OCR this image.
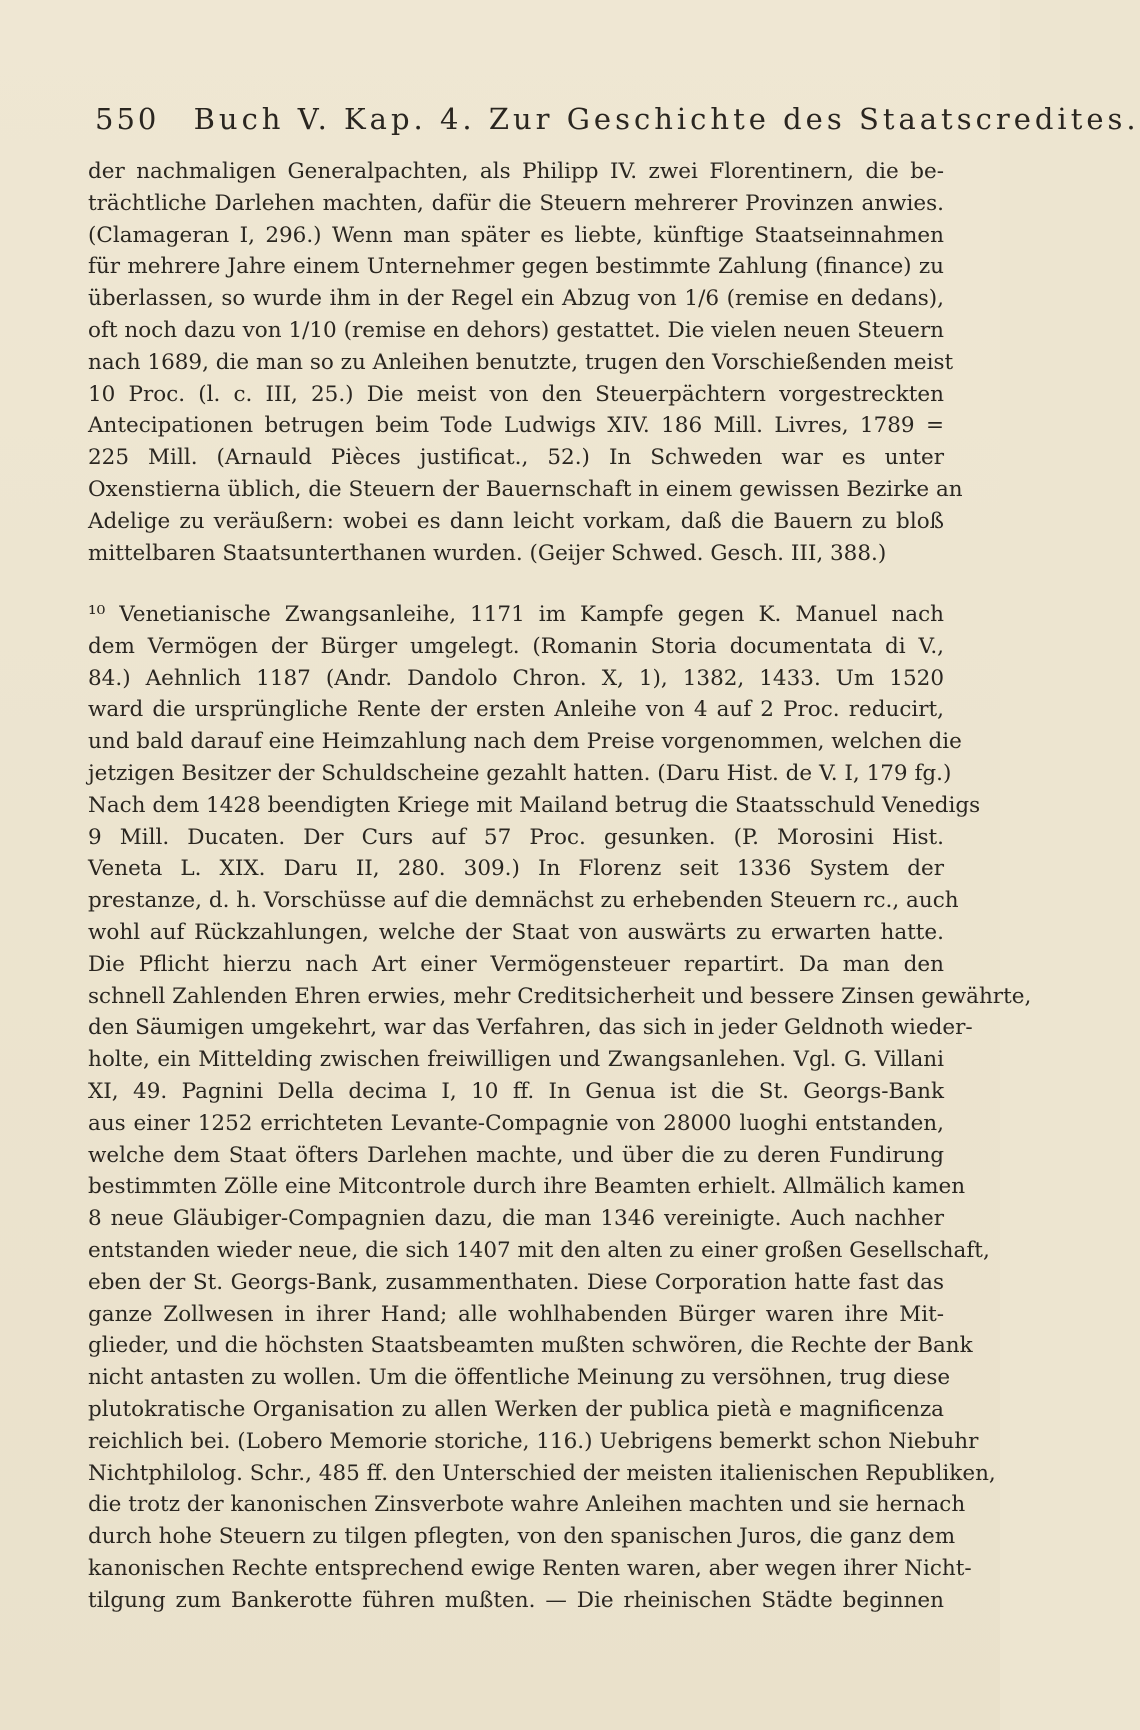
550 Buch V. Kap. 4. Zur Geschichte des Staatscredites.
der nachmaligen Generalpachten, als Philipp IV. zwei Florentinern, die be-
trächtliche Darlehen machten, dafür die Steuern mehrerer Provinzen anwies.
(Clamageran I, 296.) Wenn man später es liebte, künftige Staatseinnahmen
für mehrere Jahre einem Unternehmer gegen bestimmte Zahlung (finance) zu
überlassen, so wurde ihm in der Regel ein Abzug von 1/6 (remise en dedans),
oft noch dazu von 1/10 (remise en dehors) gestattet. Die vielen neuen Steuern
nach 1689, die man so zu Anleihen benutzte, trugen den Vorschießenden meist
10 Proc. (l. c. III, 25.) Die meist von den Steuerpächtern vorgestreckten
Antecipationen betrugen beim Tode Ludwigs XIV. 186 Mill. Livres, 1789 =
225 Mill. (Arnauld Pièces justificat., 52.) In Schweden war es unter
Oxenstierna üblich, die Steuern der Bauernschaft in einem gewissen Bezirke an
Adelige zu veräußern: wobei es dann leicht vorkam, daß die Bauern zu bloß
mittelbaren Staatsunterthanen wurden. (Geijer Schwed. Gesch. III, 388.)
¹⁰ Venetianische Zwangsanleihe, 1171 im Kampfe gegen K. Manuel nach
dem Vermögen der Bürger umgelegt. (Romanin Storia documentata di V.,
84.) Aehnlich 1187 (Andr. Dandolo Chron. X, 1), 1382, 1433. Um 1520
ward die ursprüngliche Rente der ersten Anleihe von 4 auf 2 Proc. reducirt,
und bald darauf eine Heimzahlung nach dem Preise vorgenommen, welchen die
jetzigen Besitzer der Schuldscheine gezahlt hatten. (Daru Hist. de V. I, 179 fg.)
Nach dem 1428 beendigten Kriege mit Mailand betrug die Staatsschuld Venedigs
9 Mill. Ducaten. Der Curs auf 57 Proc. gesunken. (P. Morosini Hist.
Veneta L. XIX. Daru II, 280. 309.) In Florenz seit 1336 System der
prestanze, d. h. Vorschüsse auf die demnächst zu erhebenden Steuern rc., auch
wohl auf Rückzahlungen, welche der Staat von auswärts zu erwarten hatte.
Die Pflicht hierzu nach Art einer Vermögensteuer repartirt. Da man den
schnell Zahlenden Ehren erwies, mehr Creditsicherheit und bessere Zinsen gewährte,
den Säumigen umgekehrt, war das Verfahren, das sich in jeder Geldnoth wieder-
holte, ein Mittelding zwischen freiwilligen und Zwangsanlehen. Vgl. G. Villani
XI, 49. Pagnini Della decima I, 10 ff. In Genua ist die St. Georgs-Bank
aus einer 1252 errichteten Levante-Compagnie von 28000 luoghi entstanden,
welche dem Staat öfters Darlehen machte, und über die zu deren Fundirung
bestimmten Zölle eine Mitcontrole durch ihre Beamten erhielt. Allmälich kamen
8 neue Gläubiger-Compagnien dazu, die man 1346 vereinigte. Auch nachher
entstanden wieder neue, die sich 1407 mit den alten zu einer großen Gesellschaft,
eben der St. Georgs-Bank, zusammenthaten. Diese Corporation hatte fast das
ganze Zollwesen in ihrer Hand; alle wohlhabenden Bürger waren ihre Mit-
glieder, und die höchsten Staatsbeamten mußten schwören, die Rechte der Bank
nicht antasten zu wollen. Um die öffentliche Meinung zu versöhnen, trug diese
plutokratische Organisation zu allen Werken der publica pietà e magnificenza
reichlich bei. (Lobero Memorie storiche, 116.) Uebrigens bemerkt schon Niebuhr
Nichtphilolog. Schr., 485 ff. den Unterschied der meisten italienischen Republiken,
die trotz der kanonischen Zinsverbote wahre Anleihen machten und sie hernach
durch hohe Steuern zu tilgen pflegten, von den spanischen Juros, die ganz dem
kanonischen Rechte entsprechend ewige Renten waren, aber wegen ihrer Nicht-
tilgung zum Bankerotte führen mußten. — Die rheinischen Städte beginnen
